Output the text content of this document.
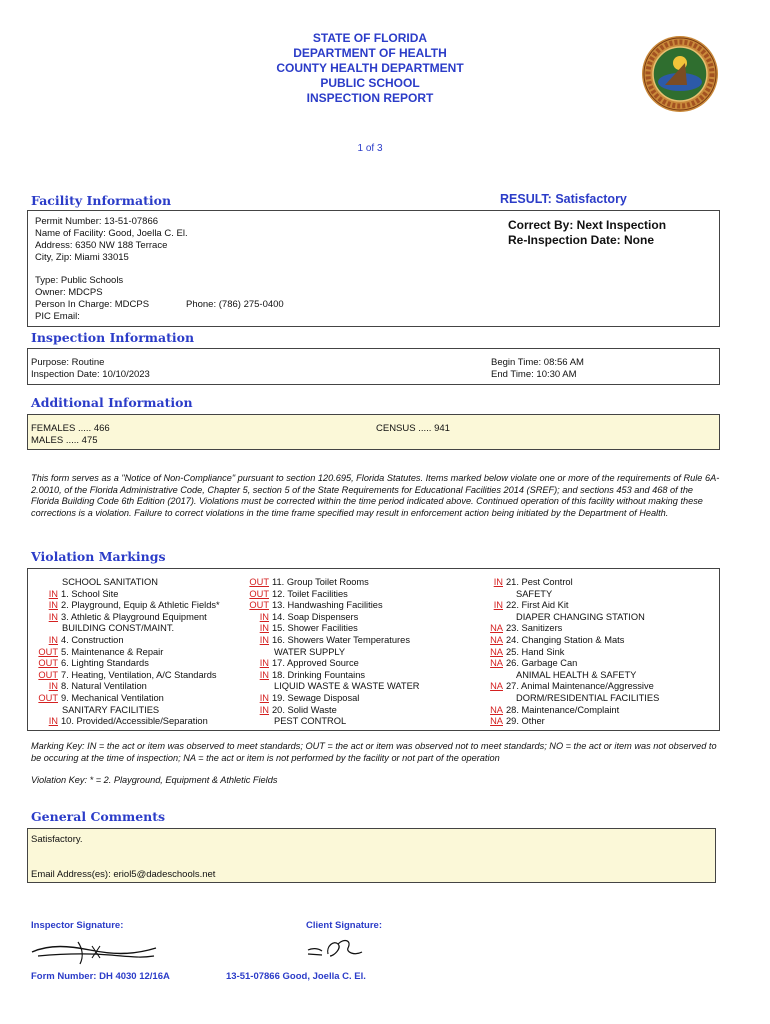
STATE OF FLORIDA
DEPARTMENT OF HEALTH
COUNTY HEALTH DEPARTMENT
PUBLIC SCHOOL
INSPECTION REPORT
1 of 3
Facility Information	RESULT: Satisfactory
Permit Number: 13-51-07866
Name of Facility: Good, Joella C. El.
Address: 6350 NW 188 Terrace
City, Zip: Miami 33015
Type: Public Schools
Owner: MDCPS
Person In Charge: MDCPS
PIC Email:
Phone: (786) 275-0400
Correct By: Next Inspection
Re-Inspection Date: None
Inspection Information
Purpose: Routine
Inspection Date: 10/10/2023
Begin Time: 08:56 AM
End Time: 10:30 AM
Additional Information
FEMALES ..... 466
MALES ..... 475
CENSUS ..... 941
This form serves as a "Notice of Non-Compliance" pursuant to section 120.695, Florida Statutes. Items marked below violate one or more of the requirements of Rule 6A-2.0010, of the Florida Administrative Code, Chapter 5, section 5 of the State Requirements for Educational Facilities 2014 (SREF); and sections 453 and 468 of the Florida Building Code 6th Edition (2017). Violations must be corrected within the time period indicated above. Continued operation of this facility without making these corrections is a violation. Failure to correct violations in the time frame specified may result in enforcement action being initiated by the Department of Health.
Violation Markings
SCHOOL SANITATION
IN 1. School Site
IN 2. Playground, Equip & Athletic Fields*
IN 3. Athletic & Playground Equipment
BUILDING CONST/MAINT.
IN 4. Construction
OUT 5. Maintenance & Repair
OUT 6. Lighting Standards
OUT 7. Heating, Ventilation, A/C Standards
IN 8. Natural Ventilation
OUT 9. Mechanical Ventilation
SANITARY FACILITIES
IN 10. Provided/Accessible/Separation
OUT 11. Group Toilet Rooms
OUT 12. Toilet Facilities
OUT 13. Handwashing Facilities
IN 14. Soap Dispensers
IN 15. Shower Facilities
IN 16. Showers Water Temperatures
WATER SUPPLY
IN 17. Approved Source
IN 18. Drinking Fountains
LIQUID WASTE & WASTE WATER
IN 19. Sewage Disposal
IN 20. Solid Waste
PEST CONTROL
IN 21. Pest Control
SAFETY
IN 22. First Aid Kit
DIAPER CHANGING STATION
NA 23. Sanitizers
NA 24. Changing Station & Mats
NA 25. Hand Sink
NA 26. Garbage Can
ANIMAL HEALTH & SAFETY
NA 27. Animal Maintenance/Aggressive
DORM/RESIDENTIAL FACILITIES
NA 28. Maintenance/Complaint
NA 29. Other
Marking Key: IN = the act or item was observed to meet standards; OUT = the act or item was observed not to meet standards; NO = the act or item was not observed to be occuring at the time of inspection; NA = the act or item is not performed by the facility or not part of the operation
Violation Key: * = 2. Playground, Equipment & Athletic Fields
General Comments
Satisfactory.
Email Address(es): eriol5@dadeschools.net
Inspector Signature:	Client Signature:
Form Number: DH 4030 12/16A	13-51-07866 Good, Joella C. El.
